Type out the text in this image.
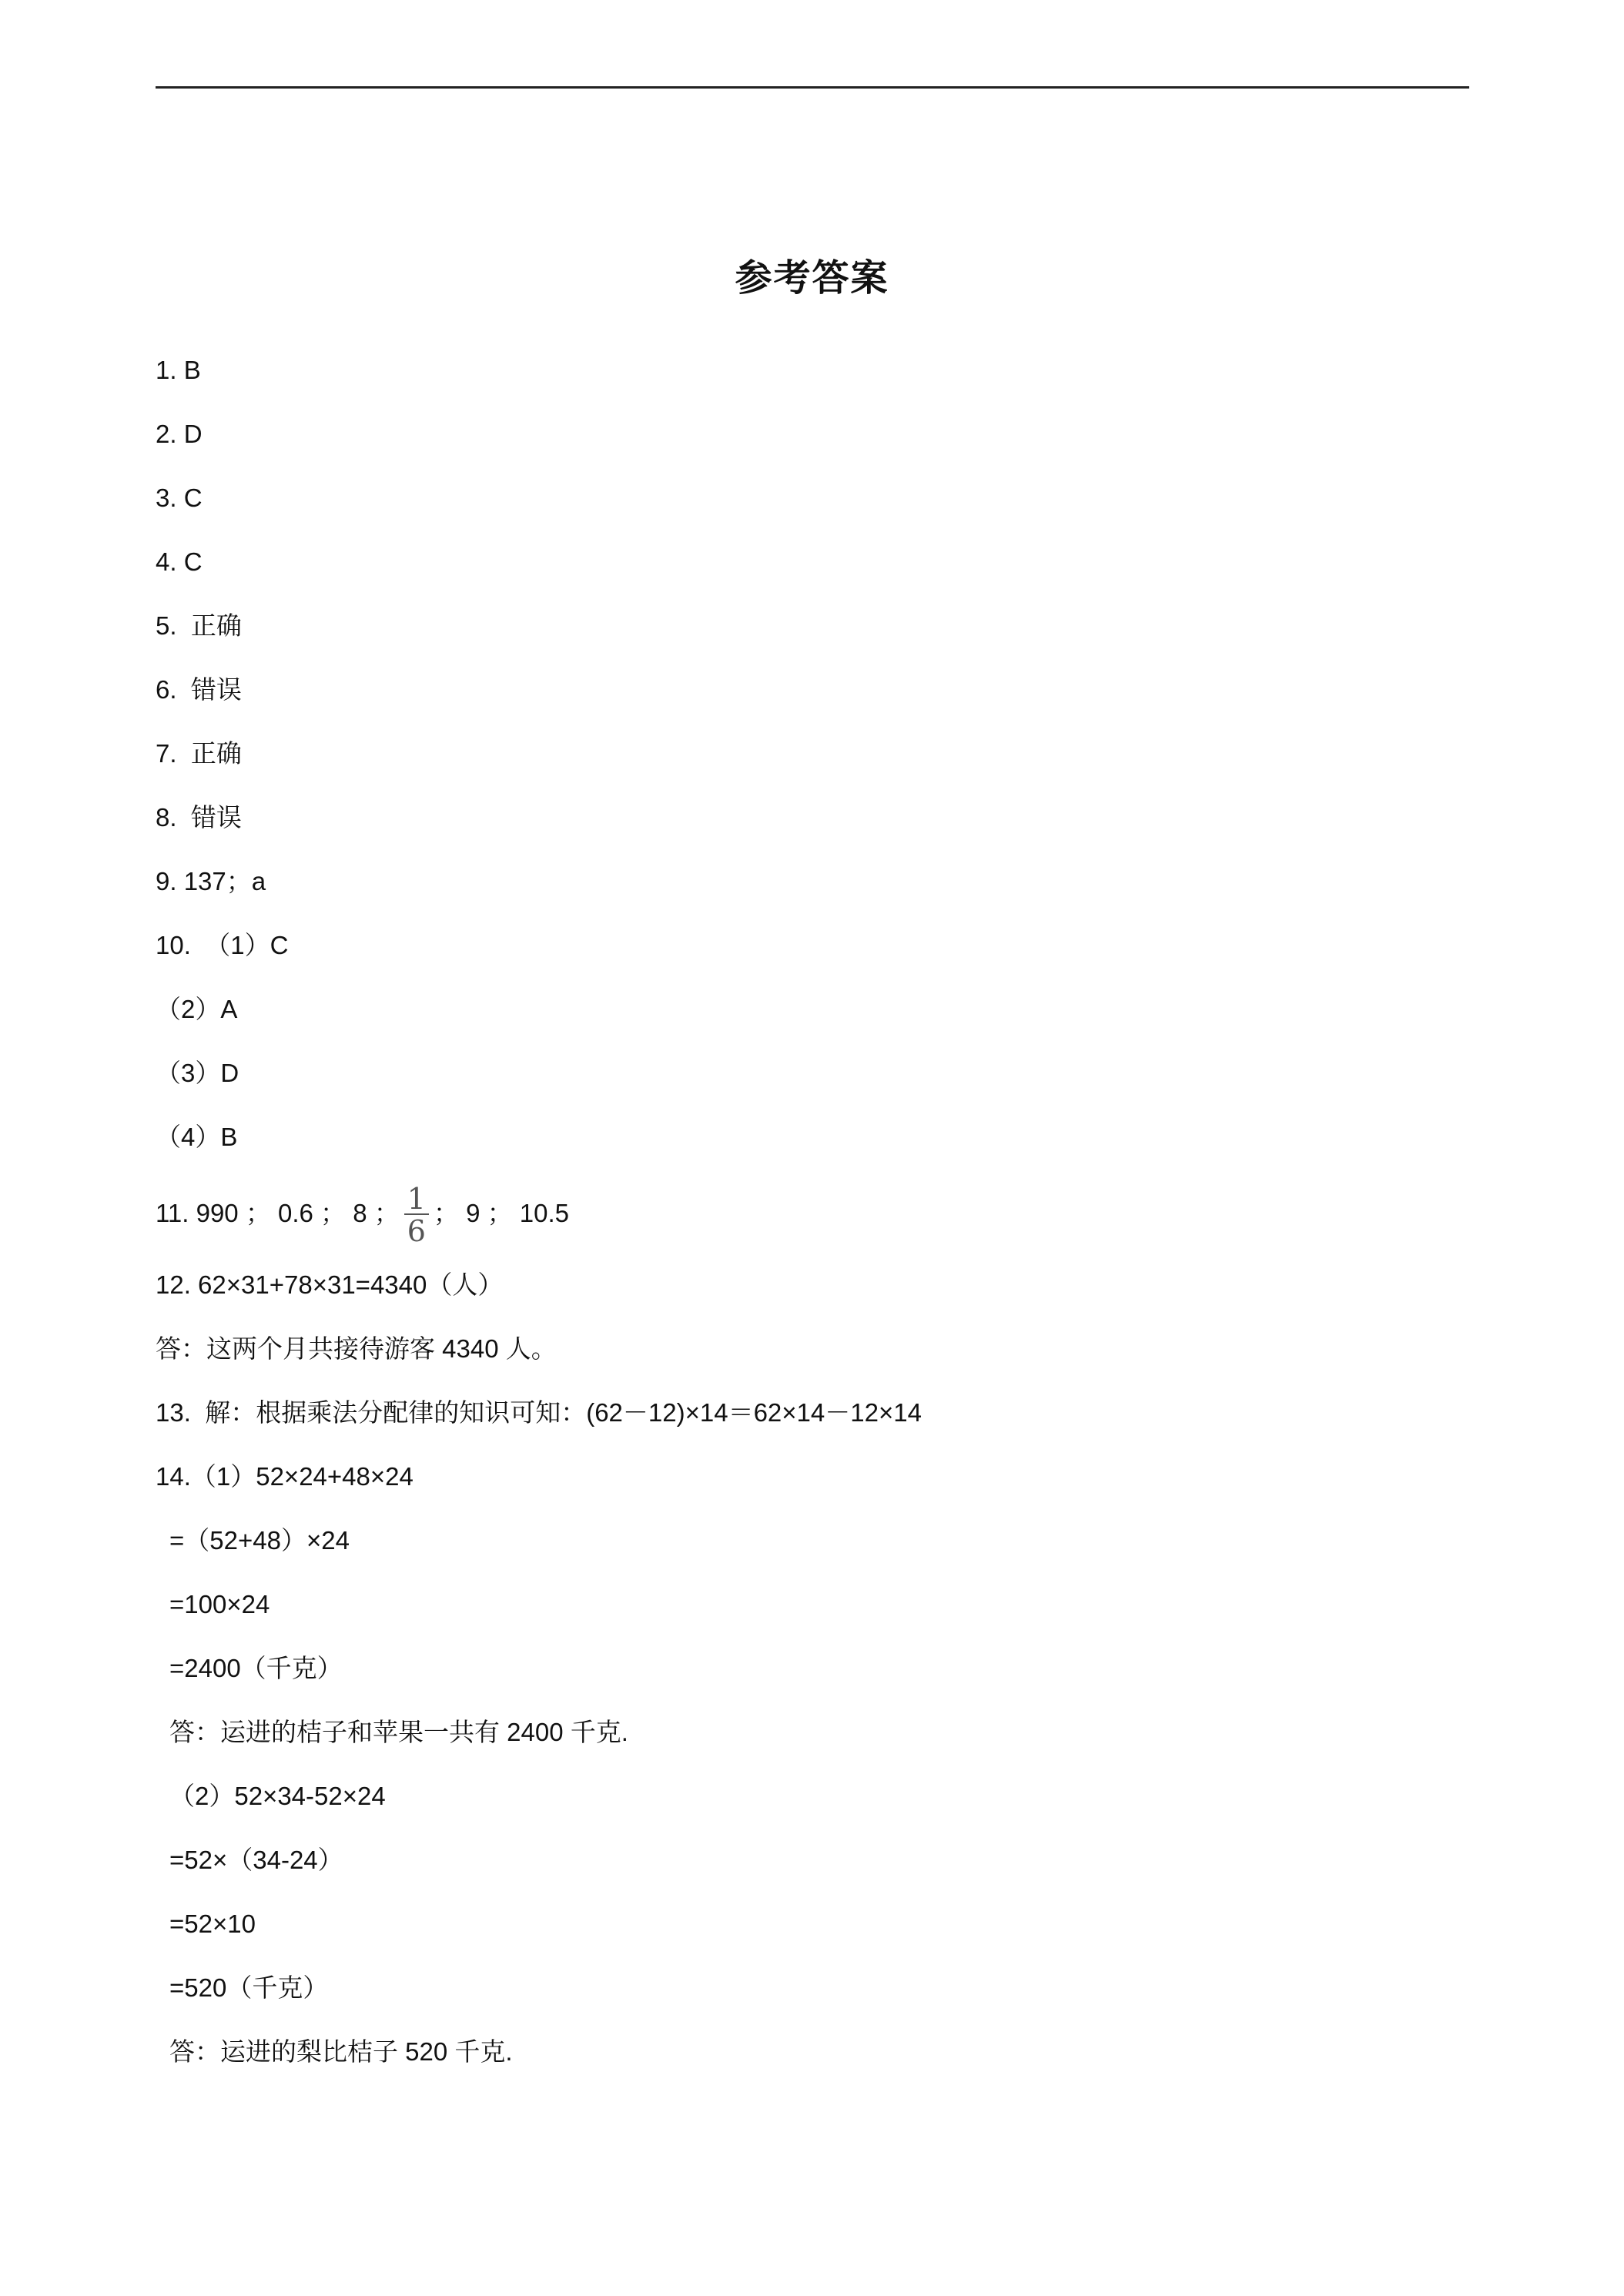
参考答案
1. B
2. D
3. C
4. C
5.  正确
6.  错误
7.  正确
8.  错误
9. 137；a
10.  （1）C
（2）A
（3）D
（4）B
11. 990 ； 0.6 ； 8 ； $\frac{1}{6}$ ； 9 ； 10.5
12. 62×31+78×31=4340（人）
答：这两个月共接待游客 4340 人。
13.  解：根据乘法分配律的知识可知：(62－12)×14＝62×14－12×14
14.（1）52×24+48×24
=（52+48）×24
=100×24
=2400（千克）
答：运进的桔子和苹果一共有 2400 千克.
（2）52×34-52×24
=52×（34-24）
=52×10
=520（千克）
答：运进的梨比桔子 520 千克.
